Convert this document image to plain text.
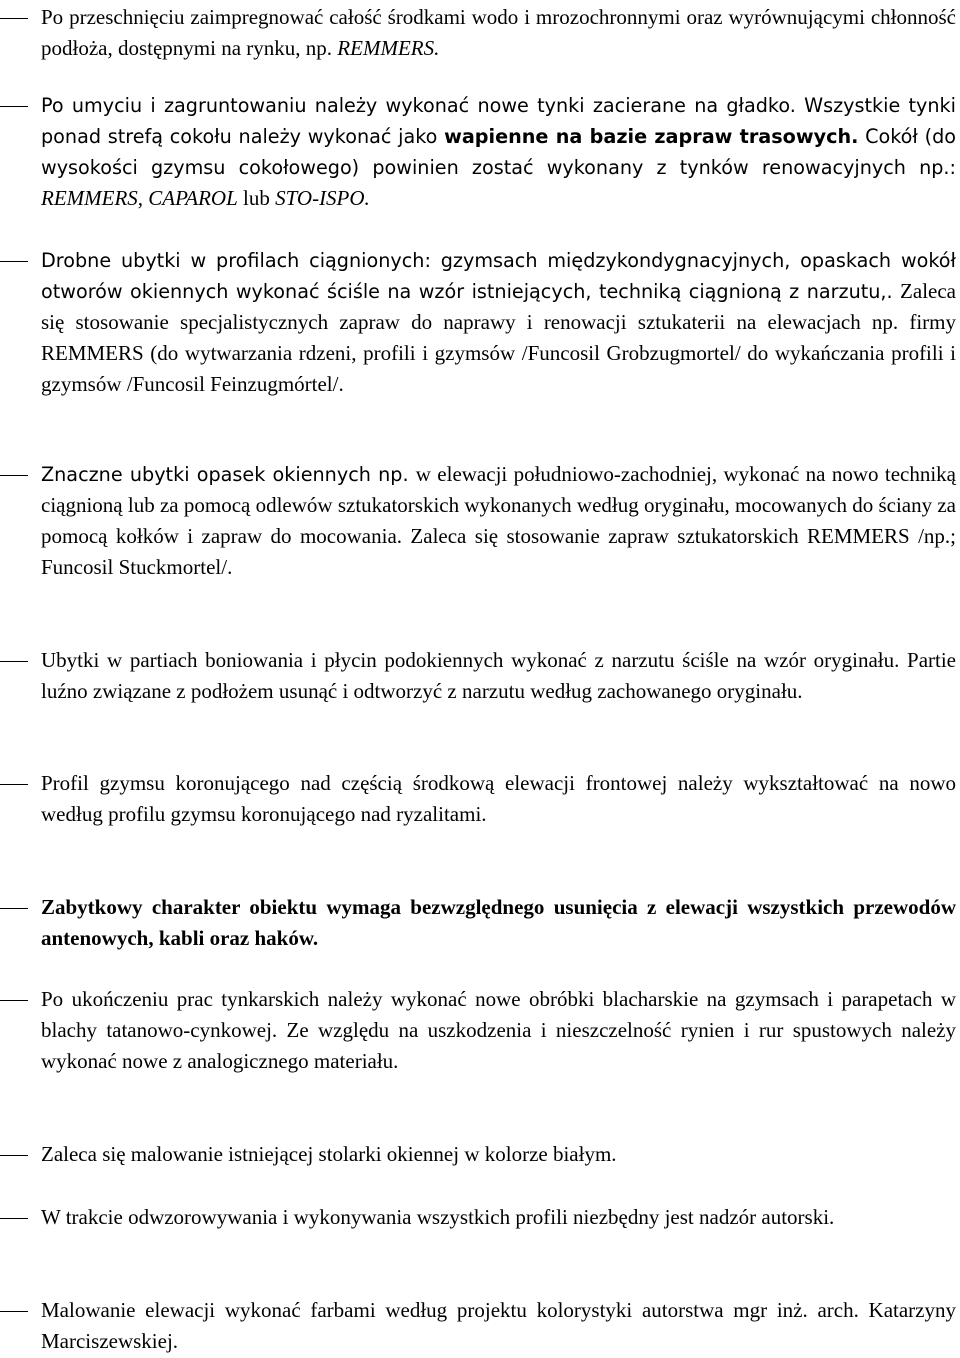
Po przeschnięciu zaimpregnować całość środkami wodo i mrozochronnymi oraz wyrównującymi chłonność podłoża, dostępnymi na rynku, np. REMMERS.

Po umyciu i zagruntowaniu należy wykonać nowe tynki zacierane na gładko. Wszystkie tynki ponad strefą cokołu należy wykonać jako wapienne na bazie zapraw trasowych. Cokół (do wysokości gzymsu cokołowego) powinien zostać wykonany z tynków renowacyjnych np.: REMMERS, CAPAROL lub STO-ISPO.

Drobne ubytki w profilach ciągnionych: gzymsach międzykondygnacyjnych, opaskach wokół otworów okiennych wykonać ściśle na wzór istniejących, techniką ciągnioną z narzutu,. Zaleca się stosowanie specjalistycznych zapraw do naprawy i renowacji sztukaterii na elewacjach np. firmy REMMERS (do wytwarzania rdzeni, profili i gzymsów /Funcosil Grobzugmortel/ do wykańczania profili i gzymsów /Funcosil Feinzugmórtel/.

Znaczne ubytki opasek okiennych np. w elewacji południowo-zachodniej, wykonać na nowo techniką ciągnioną lub za pomocą odlewów sztukatorskich wykonanych według oryginału, mocowanych do ściany za pomocą kołków i zapraw do mocowania. Zaleca się stosowanie zapraw sztukatorskich REMMERS /np.; Funcosil Stuckmortel/.

Ubytki w partiach boniowania i płycin podokiennych wykonać z narzutu ściśle na wzór oryginału. Partie luźno związane z podłożem usunąć i odtworzyć z narzutu według zachowanego oryginału.

Profil gzymsu koronującego nad częścią środkową elewacji frontowej należy wykształtować na nowo według profilu gzymsu koronującego nad ryzalitami.

Zabytkowy charakter obiektu wymaga bezwzględnego usunięcia z elewacji wszystkich przewodów antenowych, kabli oraz haków.

Po ukończeniu prac tynkarskich należy wykonać nowe obróbki blacharskie na gzymsach i parapetach w blachy tatanowo-cynkowej. Ze względu na uszkodzenia i nieszczelność rynien i rur spustowych należy wykonać nowe z analogicznego materiału.

Zaleca się malowanie istniejącej stolarki okiennej w kolorze białym.

W trakcie odwzorowywania i wykonywania wszystkich profili niezbędny jest nadzór autorski.

Malowanie elewacji wykonać farbami według projektu kolorystyki autorstwa mgr inż. arch. Katarzyny Marciszewskiej.
